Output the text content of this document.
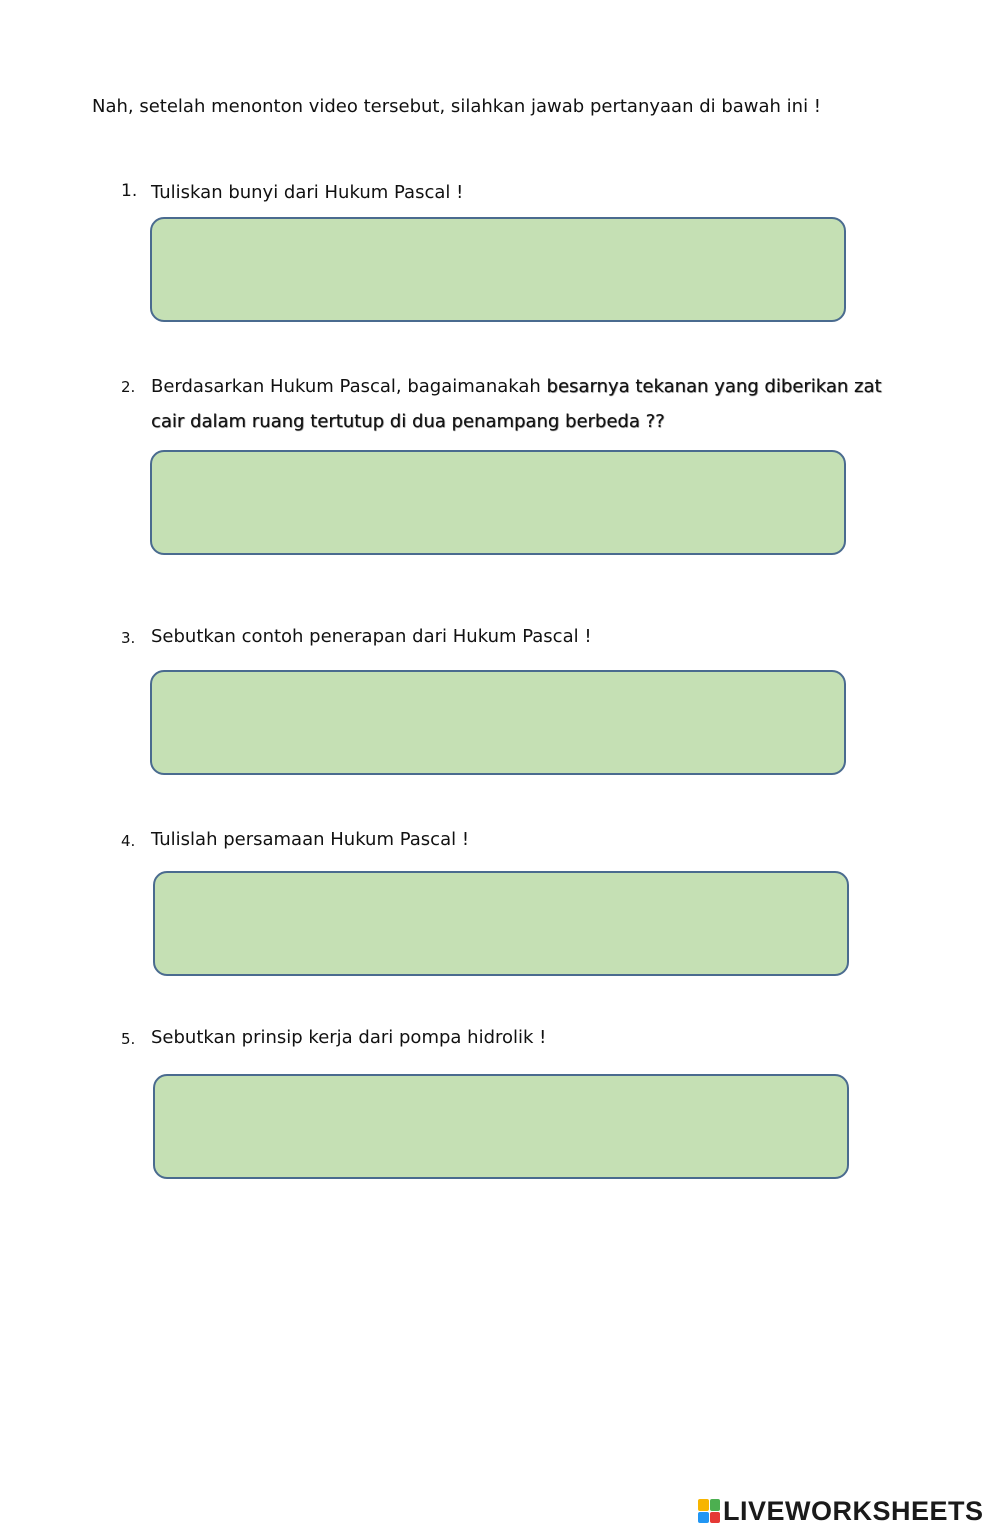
Nah, setelah menonton video tersebut, silahkan jawab pertanyaan di bawah ini !
1. Tuliskan bunyi dari Hukum Pascal !
2. Berdasarkan Hukum Pascal, bagaimanakah besarnya tekanan yang diberikan zat
cair dalam ruang tertutup di dua penampang berbeda ??
3. Sebutkan contoh penerapan dari Hukum Pascal !
4. Tulislah persamaan Hukum Pascal !
5. Sebutkan prinsip kerja dari pompa hidrolik !
LIVEWORKSHEETS
